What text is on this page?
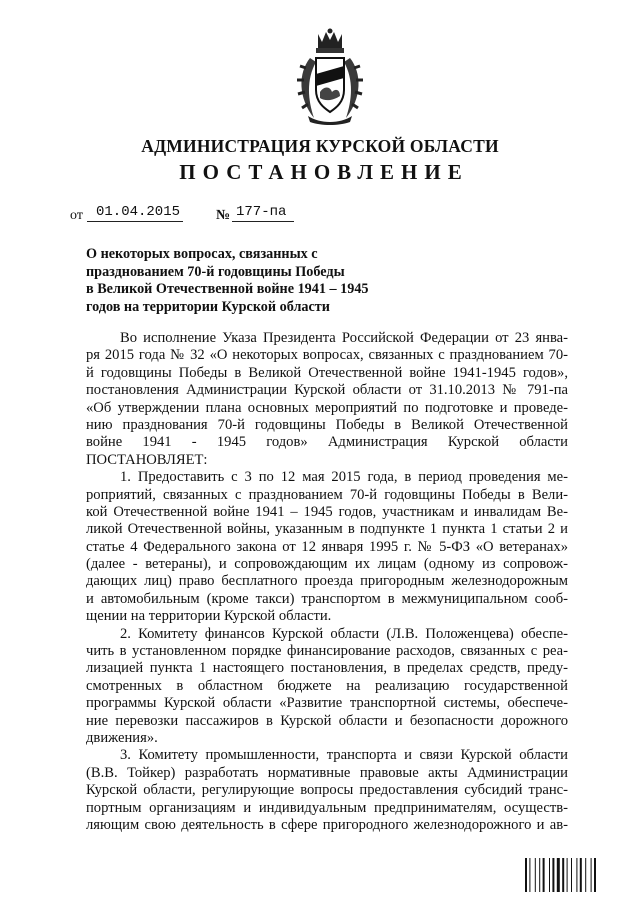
АДМИНИСТРАЦИЯ КУРСКОЙ ОБЛАСТИ
ПОСТАНОВЛЕНИЕ
от 01.04.2015	№ 177-па
О некоторых вопросах, связанных с
празднованием 70-й годовщины Победы
в Великой Отечественной войне 1941 – 1945
годов на территории Курской области
Во исполнение Указа Президента Российской Федерации от 23 янва-
ря 2015 года № 32 «О некоторых вопросах, связанных с празднованием 70-
й годовщины Победы в Великой Отечественной войне 1941-1945 годов»,
постановления Администрации Курской области от 31.10.2013 № 791-па
«Об утверждении плана основных мероприятий по подготовке и проведе-
нию празднования 70-й годовщины Победы в Великой Отечественной
войне 1941 - 1945 годов» Администрация Курской области
ПОСТАНОВЛЯЕТ:
1. Предоставить с 3 по 12 мая 2015 года, в период проведения ме-
роприятий, связанных с празднованием 70-й годовщины Победы в Вели-
кой Отечественной войне 1941 – 1945 годов, участникам и инвалидам Ве-
ликой Отечественной войны, указанным в подпункте 1 пункта 1 статьи 2 и
статье 4 Федерального закона от 12 января 1995 г. № 5-ФЗ «О ветеранах»
(далее - ветераны), и сопровождающим их лицам (одному из сопровож-
дающих лиц) право бесплатного проезда пригородным железнодорожным
и автомобильным (кроме такси) транспортом в межмуниципальном сооб-
щении на территории Курской области.
2. Комитету финансов Курской области (Л.В. Положенцева) обеспе-
чить в установленном порядке финансирование расходов, связанных с реа-
лизацией пункта 1 настоящего постановления, в пределах средств, преду-
смотренных в областном бюджете на реализацию государственной
программы Курской области «Развитие транспортной системы, обеспече-
ние перевозки пассажиров в Курской области и безопасности дорожного
движения».
3. Комитету промышленности, транспорта и связи Курской области
(В.В. Тойкер) разработать нормативные правовые акты Администрации
Курской области, регулирующие вопросы предоставления субсидий транс-
портным организациям и индивидуальным предпринимателям, осуществ-
ляющим свою деятельность в сфере пригородного железнодорожного и ав-
